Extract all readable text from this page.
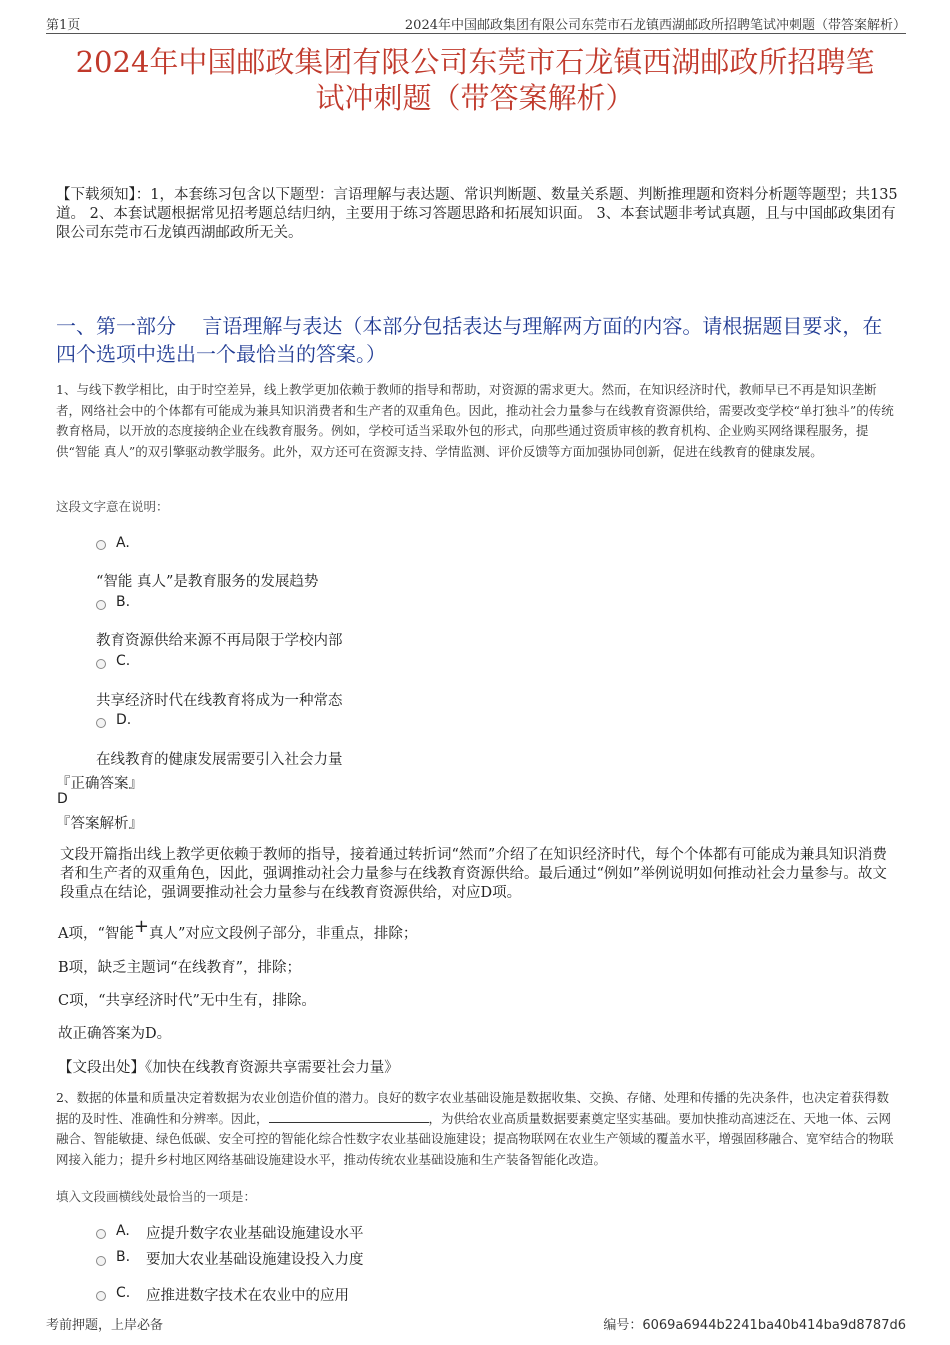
第1页	2024年中国邮政集团有限公司东莞市石龙镇西湖邮政所招聘笔试冲刺题（带答案解析）
2024年中国邮政集团有限公司东莞市石龙镇西湖邮政所招聘笔
试冲刺题（带答案解析）
【下载须知】：1，本套练习包含以下题型：言语理解与表达题、常识判断题、数量关系题、判断推理题和资料分析题等题型；共135道。 2、本套试题根据常见招考题总结归纳，主要用于练习答题思路和拓展知识面。 3、本套试题非考试真题，且与中国邮政集团有限公司东莞市石龙镇西湖邮政所无关。
一、第一部分　 言语理解与表达（本部分包括表达与理解两方面的内容。请根据题目要求，在四个选项中选出一个最恰当的答案。）
1、与线下教学相比，由于时空差异，线上教学更加依赖于教师的指导和帮助，对资源的需求更大。然而，在知识经济时代，教师早已不再是知识垄断者，网络社会中的个体都有可能成为兼具知识消费者和生产者的双重角色。因此，推动社会力量参与在线教育资源供给，需要改变学校“单打独斗”的传统教育格局，以开放的态度接纳企业在线教育服务。例如，学校可适当采取外包的形式，向那些通过资质审核的教育机构、企业购买网络课程服务，提供“智能 真人”的双引擎驱动教学服务。此外，双方还可在资源支持、学情监测、评价反馈等方面加强协同创新，促进在线教育的健康发展。
这段文字意在说明：
A.
“智能 真人”是教育服务的发展趋势
B.
教育资源供给来源不再局限于学校内部
C.
共享经济时代在线教育将成为一种常态
D.
在线教育的健康发展需要引入社会力量
『正确答案』
D
『答案解析』
文段开篇指出线上教学更依赖于教师的指导，接着通过转折词“然而”介绍了在知识经济时代，每个个体都有可能成为兼具知识消费者和生产者的双重角色，因此，强调推动社会力量参与在线教育资源供给。最后通过“例如”举例说明如何推动社会力量参与。故文段重点在结论，强调要推动社会力量参与在线教育资源供给，对应D项。
A项，“智能+真人”对应文段例子部分，非重点，排除；
B项，缺乏主题词“在线教育”，排除；
C项，“共享经济时代”无中生有，排除。
故正确答案为D。
【文段出处】《加快在线教育资源共享需要社会力量》
2、数据的体量和质量决定着数据为农业创造价值的潜力。良好的数字农业基础设施是数据收集、交换、存储、处理和传播的先决条件，也决定着获得数据的及时性、准确性和分辨率。因此，	，为供给农业高质量数据要素奠定坚实基础。要加快推动高速泛在、天地一体、云网融合、智能敏捷、绿色低碳、安全可控的智能化综合性数字农业基础设施建设；提高物联网在农业生产领域的覆盖水平，增强固移融合、宽窄结合的物联网接入能力；提升乡村地区网络基础设施建设水平，推动传统农业基础设施和生产装备智能化改造。
填入文段画横线处最恰当的一项是：
A. 应提升数字农业基础设施建设水平
B. 要加大农业基础设施建设投入力度
C. 应推进数字技术在农业中的应用
考前押题，上岸必备	编号：6069a6944b2241ba40b414ba9d8787d6
